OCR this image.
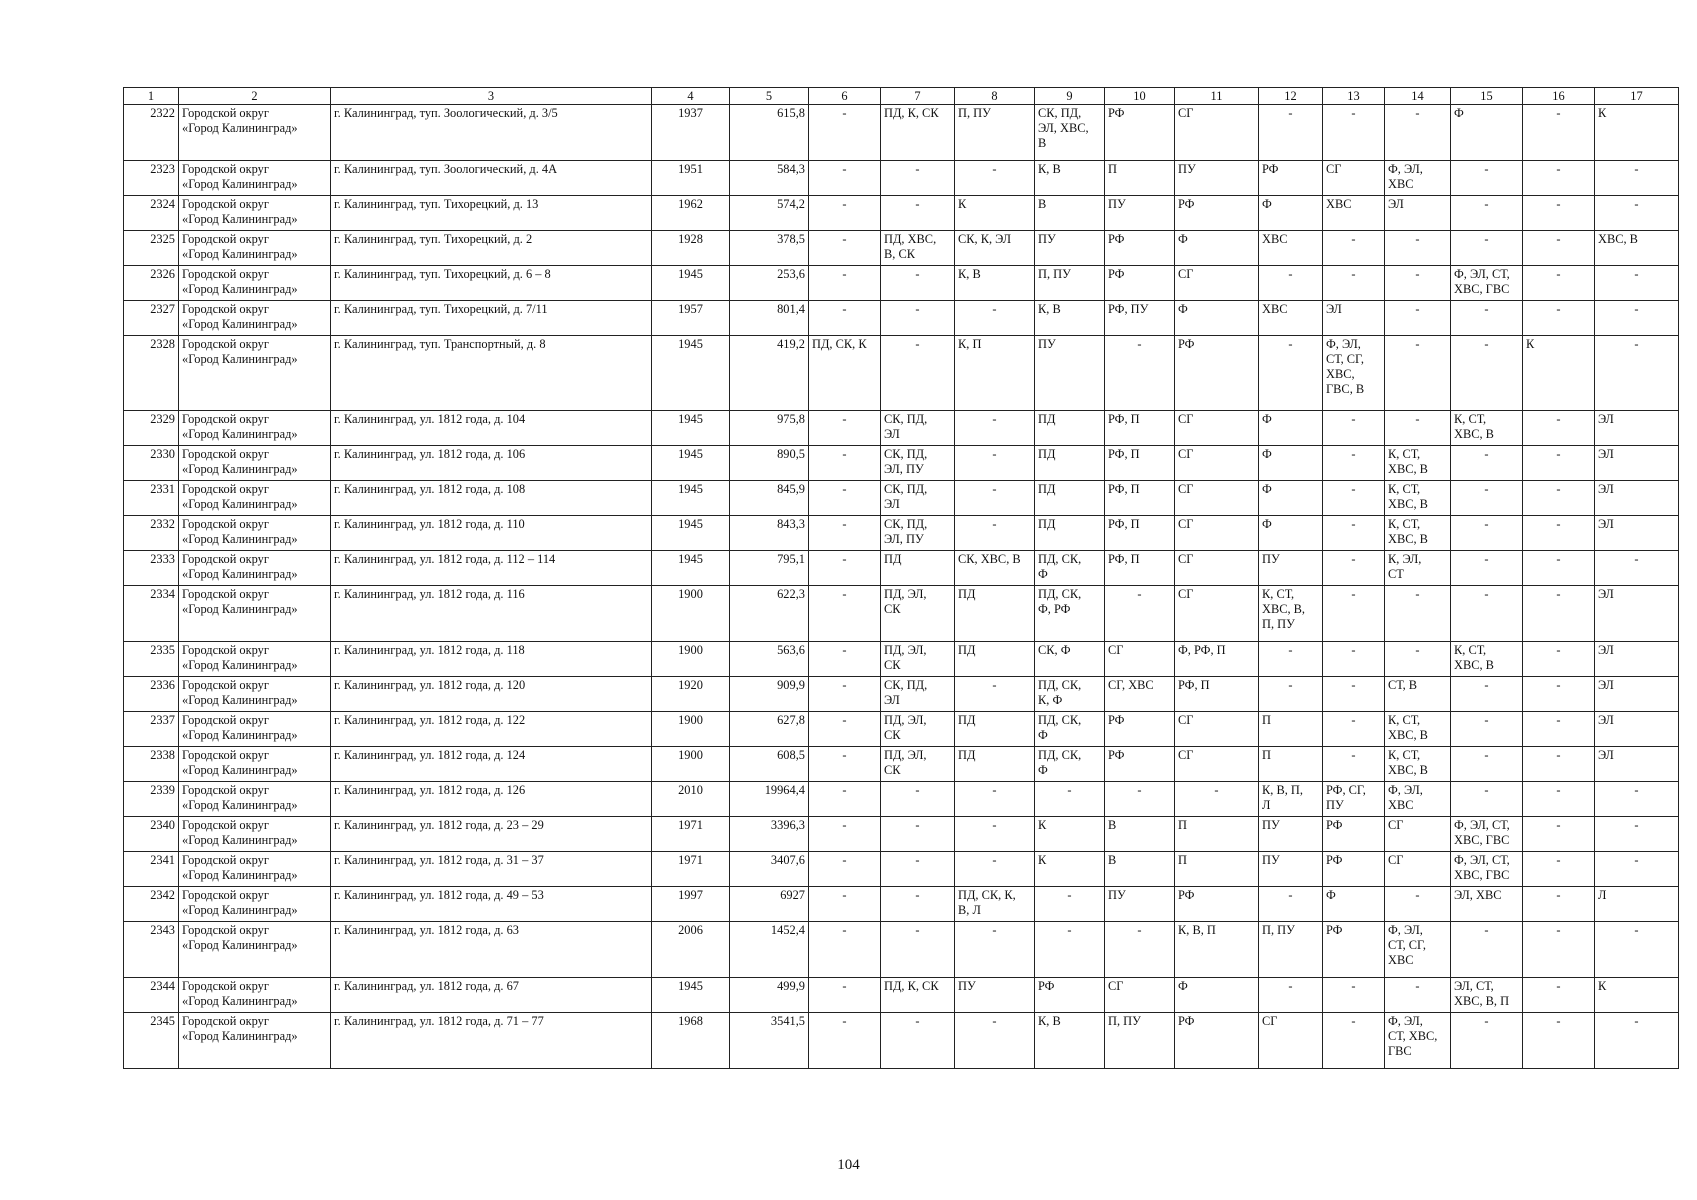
1	2	3	4	5	6	7	8	9	10	11	12	13	14	15	16	17
2322	Городской округ
«Город Калининград»	г. Калининград, туп. Зоологический, д. 3/5	1937	615,8	-	ПД, К, СК	П, ПУ	СК, ПД,
ЭЛ, ХВС,
В	РФ	СГ	-	-	-	Ф	-	К
2323	Городской округ
«Город Калининград»	г. Калининград, туп. Зоологический, д. 4А	1951	584,3	-	-	-	К, В	П	ПУ	РФ	СГ	Ф, ЭЛ,
ХВС	-	-	-
2324	Городской округ
«Город Калининград»	г. Калининград, туп. Тихорецкий, д. 13	1962	574,2	-	-	К	В	ПУ	РФ	Ф	ХВС	ЭЛ	-	-	-
2325	Городской округ
«Город Калининград»	г. Калининград, туп. Тихорецкий, д. 2	1928	378,5	-	ПД, ХВС,
В, СК	СК, К, ЭЛ	ПУ	РФ	Ф	ХВС	-	-	-	-	ХВС, В
2326	Городской округ
«Город Калининград»	г. Калининград, туп. Тихорецкий, д. 6 – 8	1945	253,6	-	-	К, В	П, ПУ	РФ	СГ	-	-	-	Ф, ЭЛ, СТ,
ХВС, ГВС	-	-
2327	Городской округ
«Город Калининград»	г. Калининград, туп. Тихорецкий, д. 7/11	1957	801,4	-	-	-	К, В	РФ, ПУ	Ф	ХВС	ЭЛ	-	-	-	-
2328	Городской округ
«Город Калининград»	г. Калининград, туп. Транспортный, д. 8	1945	419,2	ПД, СК, К	-	К, П	ПУ	-	РФ	-	Ф, ЭЛ,
СТ, СГ,
ХВС,
ГВС, В	-	-	К	-
2329	Городской округ
«Город Калининград»	г. Калининград, ул. 1812 года, д. 104	1945	975,8	-	СК, ПД,
ЭЛ	-	ПД	РФ, П	СГ	Ф	-	-	К, СТ,
ХВС, В	-	ЭЛ
2330	Городской округ
«Город Калининград»	г. Калининград, ул. 1812 года, д. 106	1945	890,5	-	СК, ПД,
ЭЛ, ПУ	-	ПД	РФ, П	СГ	Ф	-	К, СТ,
ХВС, В	-	-	ЭЛ
2331	Городской округ
«Город Калининград»	г. Калининград, ул. 1812 года, д. 108	1945	845,9	-	СК, ПД,
ЭЛ	-	ПД	РФ, П	СГ	Ф	-	К, СТ,
ХВС, В	-	-	ЭЛ
2332	Городской округ
«Город Калининград»	г. Калининград, ул. 1812 года, д. 110	1945	843,3	-	СК, ПД,
ЭЛ, ПУ	-	ПД	РФ, П	СГ	Ф	-	К, СТ,
ХВС, В	-	-	ЭЛ
2333	Городской округ
«Город Калининград»	г. Калининград, ул. 1812 года, д. 112 – 114	1945	795,1	-	ПД	СК, ХВС, В	ПД, СК,
Ф	РФ, П	СГ	ПУ	-	К, ЭЛ,
СТ	-	-	-
2334	Городской округ
«Город Калининград»	г. Калининград, ул. 1812 года, д. 116	1900	622,3	-	ПД, ЭЛ,
СК	ПД	ПД, СК,
Ф, РФ	-	СГ	К, СТ,
ХВС, В,
П, ПУ	-	-	-	-	ЭЛ
2335	Городской округ
«Город Калининград»	г. Калининград, ул. 1812 года, д. 118	1900	563,6	-	ПД, ЭЛ,
СК	ПД	СК, Ф	СГ	Ф, РФ, П	-	-	-	К, СТ,
ХВС, В	-	ЭЛ
2336	Городской округ
«Город Калининград»	г. Калининград, ул. 1812 года, д. 120	1920	909,9	-	СК, ПД,
ЭЛ	-	ПД, СК,
К, Ф	СГ, ХВС	РФ, П	-	-	СТ, В	-	-	ЭЛ
2337	Городской округ
«Город Калининград»	г. Калининград, ул. 1812 года, д. 122	1900	627,8	-	ПД, ЭЛ,
СК	ПД	ПД, СК,
Ф	РФ	СГ	П	-	К, СТ,
ХВС, В	-	-	ЭЛ
2338	Городской округ
«Город Калининград»	г. Калининград, ул. 1812 года, д. 124	1900	608,5	-	ПД, ЭЛ,
СК	ПД	ПД, СК,
Ф	РФ	СГ	П	-	К, СТ,
ХВС, В	-	-	ЭЛ
2339	Городской округ
«Город Калининград»	г. Калининград, ул. 1812 года, д. 126	2010	19964,4	-	-	-	-	-	-	К, В, П,
Л	РФ, СГ,
ПУ	Ф, ЭЛ,
ХВС	-	-	-
2340	Городской округ
«Город Калининград»	г. Калининград, ул. 1812 года, д. 23 – 29	1971	3396,3	-	-	-	К	В	П	ПУ	РФ	СГ	Ф, ЭЛ, СТ,
ХВС, ГВС	-	-
2341	Городской округ
«Город Калининград»	г. Калининград, ул. 1812 года, д. 31 – 37	1971	3407,6	-	-	-	К	В	П	ПУ	РФ	СГ	Ф, ЭЛ, СТ,
ХВС, ГВС	-	-
2342	Городской округ
«Город Калининград»	г. Калининград, ул. 1812 года, д. 49 – 53	1997	6927	-	-	ПД, СК, К,
В, Л	-	ПУ	РФ	-	Ф	-	ЭЛ, ХВС	-	Л
2343	Городской округ
«Город Калининград»	г. Калининград, ул. 1812 года, д. 63	2006	1452,4	-	-	-	-	-	К, В, П	П, ПУ	РФ	Ф, ЭЛ,
СТ, СГ,
ХВС	-	-	-
2344	Городской округ
«Город Калининград»	г. Калининград, ул. 1812 года, д. 67	1945	499,9	-	ПД, К, СК	ПУ	РФ	СГ	Ф	-	-	-	ЭЛ, СТ,
ХВС, В, П	-	К
2345	Городской округ
«Город Калининград»	г. Калининград, ул. 1812 года, д. 71 – 77	1968	3541,5	-	-	-	К, В	П, ПУ	РФ	СГ	-	Ф, ЭЛ,
СТ, ХВС,
ГВС	-	-	-
104
